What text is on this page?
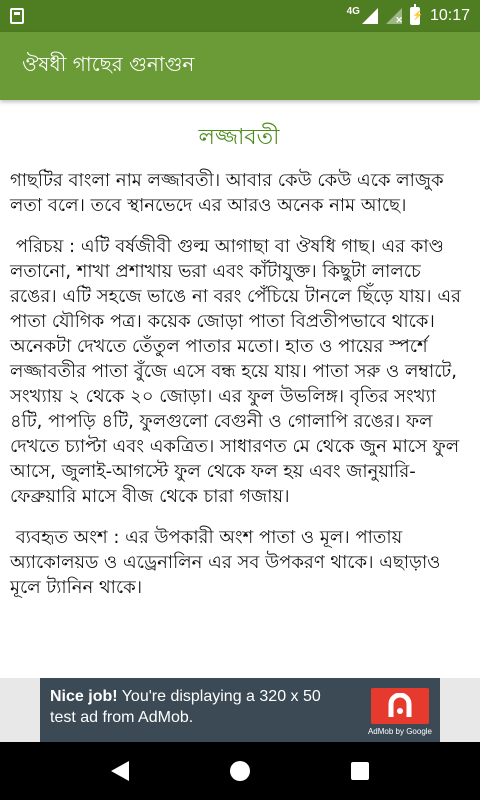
4G
✕ ⚡ 10:17
ঔষধী গাছের গুনাগুন
লজ্জাবতী
গাছটির বাংলা নাম লজ্জাবতী। আবার কেউ কেউ একে লাজুক লতা বলে। তবে স্থানভেদে এর আরও অনেক নাম আছে।
পরিচয় : এটি বর্ষজীবী গুল্ম আগাছা বা ঔষধি গাছ। এর কাণ্ড লতানো, শাখা প্রশাখায় ভরা এবং কাঁটাযুক্ত। কিছুটা লালচে রঙের। এটি সহজে ভাঙে না বরং পেঁচিয়ে টানলে ছিঁড়ে যায়। এর পাতা যৌগিক পত্র। কয়েক জোড়া পাতা বিপ্রতীপভাবে থাকে। অনেকটা দেখতে তেঁতুল পাতার মতো। হাত ও পায়ের স্পর্শে লজ্জাবতীর পাতা বুঁজে এসে বন্ধ হয়ে যায়। পাতা সরু ও লম্বাটে, সংখ্যায় ২ থেকে ২০ জোড়া। এর ফুল উভলিঙ্গ। বৃতির সংখ্যা ৪টি, পাপড়ি ৪টি, ফুলগুলো বেগুনী ও গোলাপি রঙের। ফল দেখতে চ্যাপ্টা এবং একত্রিত। সাধারণত মে থেকে জুন মাসে ফুল আসে, জুলাই-আগস্টে ফুল থেকে ফল হয় এবং জানুয়ারি-ফেব্রুয়ারি মাসে বীজ থেকে চারা গজায়।
ব্যবহৃত অংশ : এর উপকারী অংশ পাতা ও মূল। পাতায় অ্যাকোলয়ড ও এড্রেনালিন এর সব উপকরণ থাকে। এছাড়াও মূলে ট্যানিন থাকে।
Nice job! You're displaying a 320 x 50 test ad from AdMob.
AdMob by Google
